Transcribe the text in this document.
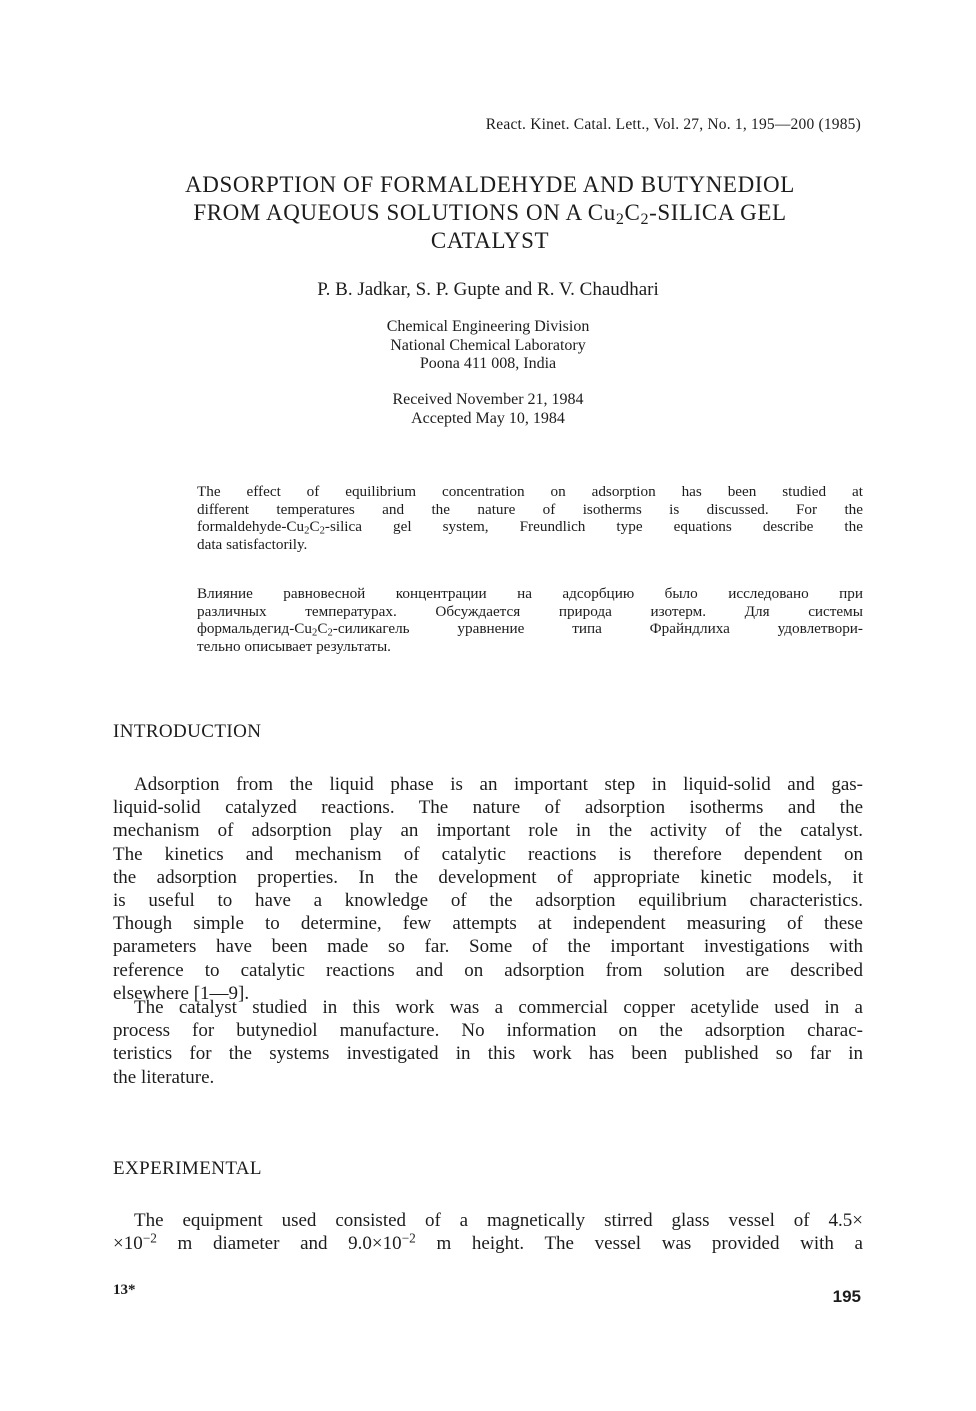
React. Kinet. Catal. Lett., Vol. 27, No. 1, 195—200 (1985)
ADSORPTION OF FORMALDEHYDE AND BUTYNEDIOL
FROM AQUEOUS SOLUTIONS ON A $Cu_2C_2$-SILICA GEL
CATALYST
P. B. Jadkar, S. P. Gupte and R. V. Chaudhari
Chemical Engineering Division
National Chemical Laboratory
Poona 411 008, India
Received November 21, 1984
Accepted May 10, 1984
The effect of equilibrium concentration on adsorption has been studied at
different temperatures and the nature of isotherms is discussed. For the
formaldehyde-$Cu_2C_2$-silica gel system, Freundlich type equations describe the
data satisfactorily.
Влияние равновесной концентрации на адсорбцию было исследовано при
различных температурах. Обсуждается природа изотерм. Для системы
формальдегид-$Cu_2C_2$-силикагель уравнение типа Фрайндлиха удовлетвори-
тельно описывает результаты.
INTRODUCTION
Adsorption from the liquid phase is an important step in liquid-solid and gas-
liquid-solid catalyzed reactions. The nature of adsorption isotherms and the
mechanism of adsorption play an important role in the activity of the catalyst.
The kinetics and mechanism of catalytic reactions is therefore dependent on
the adsorption properties. In the development of appropriate kinetic models, it
is useful to have a knowledge of the adsorption equilibrium characteristics.
Though simple to determine, few attempts at independent measuring of these
parameters have been made so far. Some of the important investigations with
reference to catalytic reactions and on adsorption from solution are described
elsewhere [1—9].
The catalyst studied in this work was a commercial copper acetylide used in a
process for butynediol manufacture. No information on the adsorption charac-
teristics for the systems investigated in this work has been published so far in
the literature.
EXPERIMENTAL
The equipment used consisted of a magnetically stirred glass vessel of 4.5×
$\times 10^{-2}$ m diameter and $9.0\times 10^{-2}$ m height. The vessel was provided with a
13*	195
